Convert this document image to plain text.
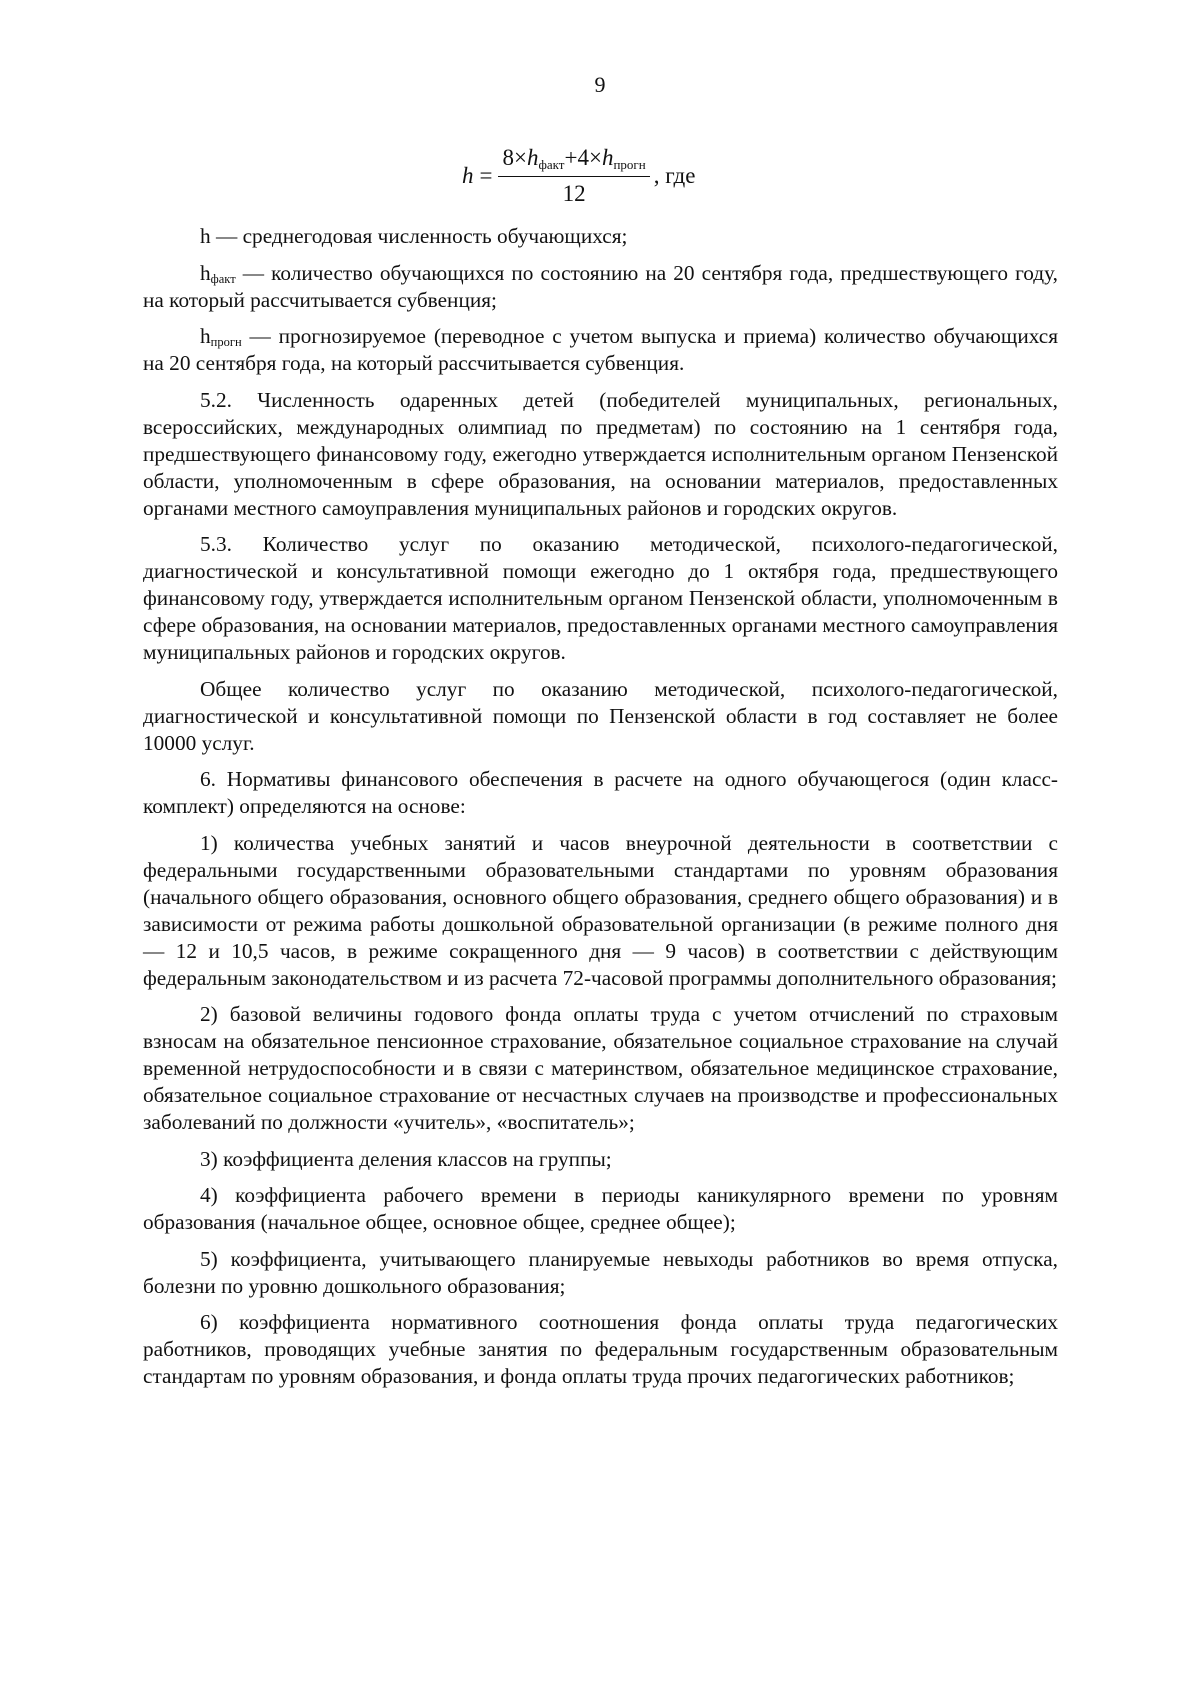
9
$h = \frac{8\times h_{факт}+4\times h_{прогн}}{12}$ , где

h — среднегодовая численность обучающихся;

$h_{факт}$ — количество обучающихся по состоянию на 20 сентября года, предшествующего году, на который рассчитывается субвенция;

$h_{прогн}$ — прогнозируемое (переводное с учетом выпуска и приема) количество обучающихся на 20 сентября года, на который рассчитывается субвенция.

5.2. Численность одаренных детей (победителей муниципальных, региональных, всероссийских, международных олимпиад по предметам) по состоянию на 1 сентября года, предшествующего финансовому году, ежегодно утверждается исполнительным органом Пензенской области, уполномоченным в сфере образования, на основании материалов, предоставленных органами местного самоуправления муниципальных районов и городских округов.

5.3. Количество услуг по оказанию методической, психолого-педагогической, диагностической и консультативной помощи ежегодно до 1 октября года, предшествующего финансовому году, утверждается исполнительным органом Пензенской области, уполномоченным в сфере образования, на основании материалов, предоставленных органами местного самоуправления муниципальных районов и городских округов.

Общее количество услуг по оказанию методической, психолого-педагогической, диагностической и консультативной помощи по Пензенской области в год составляет не более 10000 услуг.

6. Нормативы финансового обеспечения в расчете на одного обучающегося (один класс-комплект) определяются на основе:

1) количества учебных занятий и часов внеурочной деятельности в соответствии с федеральными государственными образовательными стандартами по уровням образования (начального общего образования, основного общего образования, среднего общего образования) и в зависимости от режима работы дошкольной образовательной организации (в режиме полного дня — 12 и 10,5 часов, в режиме сокращенного дня — 9 часов) в соответствии с действующим федеральным законодательством и из расчета 72-часовой программы дополнительного образования;

2) базовой величины годового фонда оплаты труда с учетом отчислений по страховым взносам на обязательное пенсионное страхование, обязательное социальное страхование на случай временной нетрудоспособности и в связи с материнством, обязательное медицинское страхование, обязательное социальное страхование от несчастных случаев на производстве и профессиональных заболеваний по должности «учитель», «воспитатель»;

3) коэффициента деления классов на группы;

4) коэффициента рабочего времени в периоды каникулярного времени по уровням образования (начальное общее, основное общее, среднее общее);

5) коэффициента, учитывающего планируемые невыходы работников во время отпуска, болезни по уровню дошкольного образования;

6) коэффициента нормативного соотношения фонда оплаты труда педагогических работников, проводящих учебные занятия по федеральным государственным образовательным стандартам по уровням образования, и фонда оплаты труда прочих педагогических работников;
